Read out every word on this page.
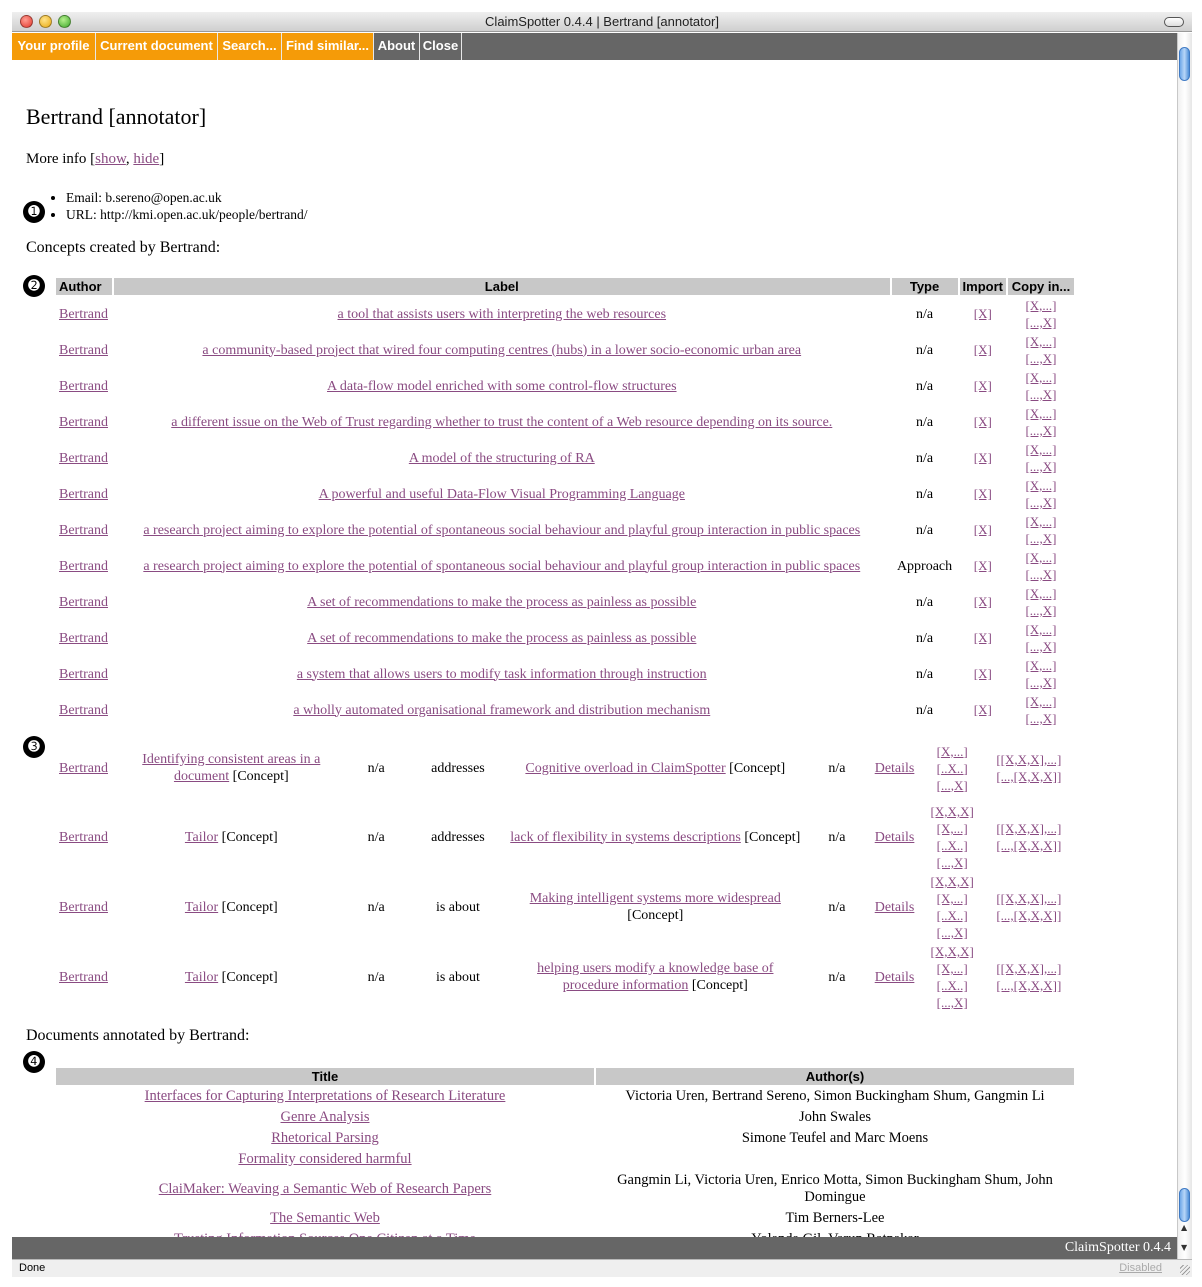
ClaimSpotter 0.4.4 | Bertrand [annotator]
Your profile Current document Search... Find similar... About Close
▲
▼
Bertrand [annotator]
More info [show, hide]
➊
• Email: b.sereno@open.ac.uk
• URL: http://kmi.open.ac.uk/people/bertrand/
Concepts created by Bertrand:
➋	Author	Label	Type	Import	Copy in...
Bertrand	a tool that assists users with interpreting the web resources	n/a	[X]	[X,...]
[...,X]

Bertrand	a community-based project that wired four computing centres (hubs) in a lower socio-economic urban area	n/a	[X]	[X,...]
[...,X]

Bertrand	A data-flow model enriched with some control-flow structures	n/a	[X]	[X,...]
[...,X]

Bertrand	a different issue on the Web of Trust regarding whether to trust the content of a Web resource depending on its source.	n/a	[X]	[X,...]
[...,X]

Bertrand	A model of the structuring of RA	n/a	[X]	[X,...]
[...,X]

Bertrand	A powerful and useful Data-Flow Visual Programming Language	n/a	[X]	[X,...]
[...,X]

Bertrand	a research project aiming to explore the potential of spontaneous social behaviour and playful group interaction in public spaces	n/a	[X]	[X,...]
[...,X]

Bertrand	a research project aiming to explore the potential of spontaneous social behaviour and playful group interaction in public spaces	Approach	[X]	[X,...]
[...,X]

Bertrand	A set of recommendations to make the process as painless as possible	n/a	[X]	[X,...]
[...,X]

Bertrand	A set of recommendations to make the process as painless as possible	n/a	[X]	[X,...]
[...,X]

Bertrand	a system that allows users to modify task information through instruction	n/a	[X]	[X,...]
[...,X]

Bertrand	a wholly automated organisational framework and distribution mechanism	n/a	[X]	[X,...]
[...,X]
➌
Bertrand	Identifying consistent areas in a document [Concept]	n/a	addresses	Cognitive overload in ClaimSpotter [Concept]	n/a	Details	[X,...]
[..X..]
[...,X]	[[X,X,X],...]
[...,[X,X,X]]

Bertrand	Tailor [Concept]	n/a	addresses	lack of flexibility in systems descriptions [Concept]	n/a	Details	[X,X,X]
[X,...]
[..X..]
[...,X]	[[X,X,X],...]
[...,[X,X,X]]

Bertrand	Tailor [Concept]	n/a	is about	Making intelligent systems more widespread [Concept]	n/a	Details	[X,X,X]
[X,...]
[..X..]
[...,X]	[[X,X,X],...]
[...,[X,X,X]]

Bertrand	Tailor [Concept]	n/a	is about	helping users modify a knowledge base of procedure information [Concept]	n/a	Details	[X,X,X]
[X,...]
[..X..]
[...,X]	[[X,X,X],...]
[...,[X,X,X]]
Documents annotated by Bertrand:
➍
Title	Author(s)
Interfaces for Capturing Interpretations of Research Literature	Victoria Uren, Bertrand Sereno, Simon Buckingham Shum, Gangmin Li
Genre Analysis	John Swales
Rhetorical Parsing	Simone Teufel and Marc Moens
Formality considered harmful	
ClaiMaker: Weaving a Semantic Web of Research Papers	Gangmin Li, Victoria Uren, Enrico Motta, Simon Buckingham Shum, John Domingue
The Semantic Web	Tim Berners-Lee

ClaimSpotter 0.4.4
Done	Disabled
